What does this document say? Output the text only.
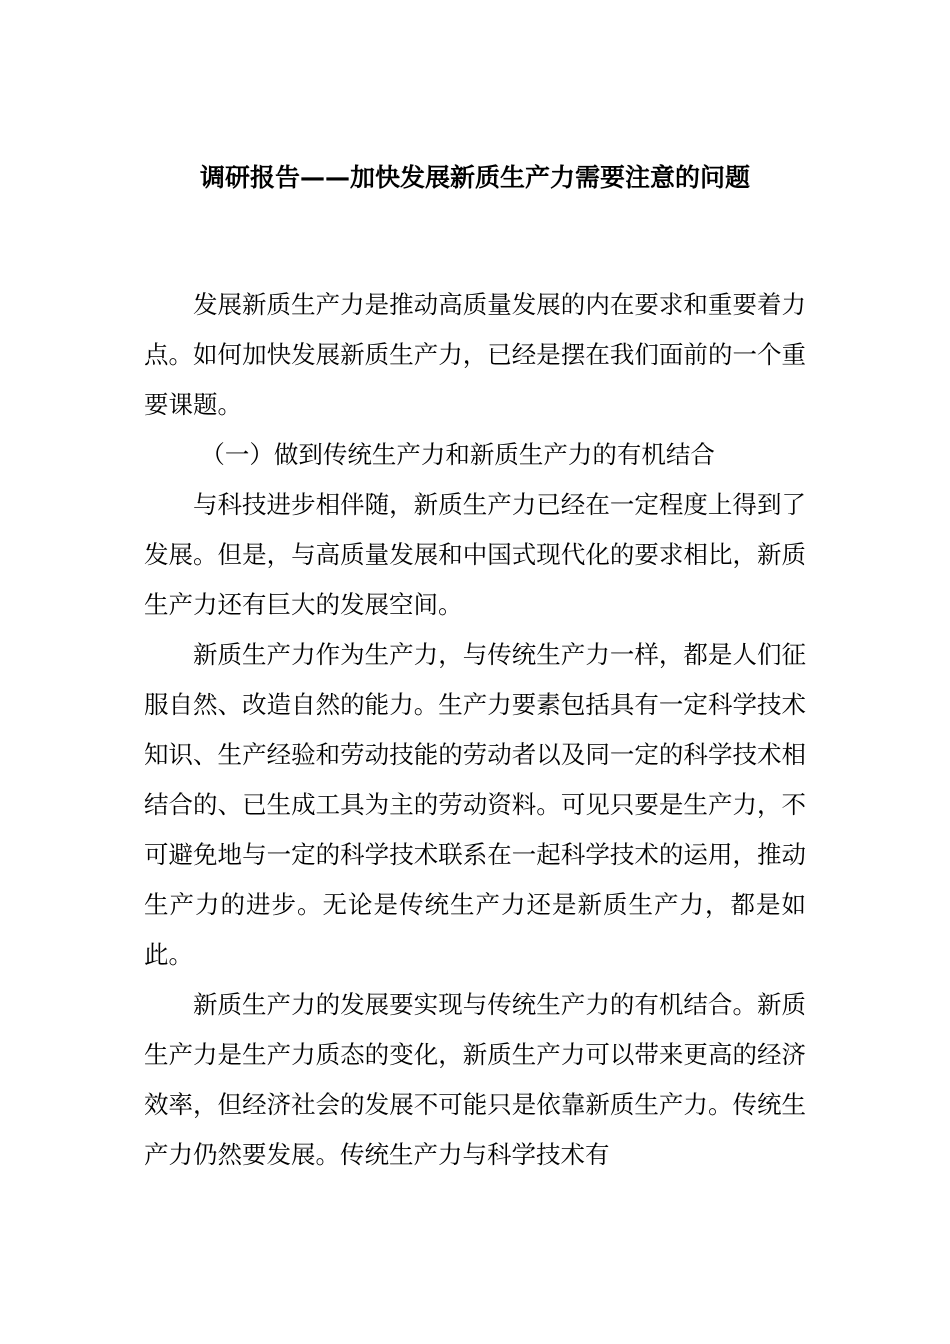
调研报告——加快发展新质生产力需要注意的问题

发展新质生产力是推动高质量发展的内在要求和重要着力点。如何加快发展新质生产力，已经是摆在我们面前的一个重要课题。

（一）做到传统生产力和新质生产力的有机结合

与科技进步相伴随，新质生产力已经在一定程度上得到了发展。但是，与高质量发展和中国式现代化的要求相比，新质生产力还有巨大的发展空间。

新质生产力作为生产力，与传统生产力一样，都是人们征服自然、改造自然的能力。生产力要素包括具有一定科学技术知识、生产经验和劳动技能的劳动者以及同一定的科学技术相结合的、已生成工具为主的劳动资料。可见只要是生产力，不可避免地与一定的科学技术联系在一起科学技术的运用，推动生产力的进步。无论是传统生产力还是新质生产力，都是如此。

新质生产力的发展要实现与传统生产力的有机结合。新质生产力是生产力质态的变化，新质生产力可以带来更高的经济效率，但经济社会的发展不可能只是依靠新质生产力。传统生产力仍然要发展。传统生产力与科学技术有
